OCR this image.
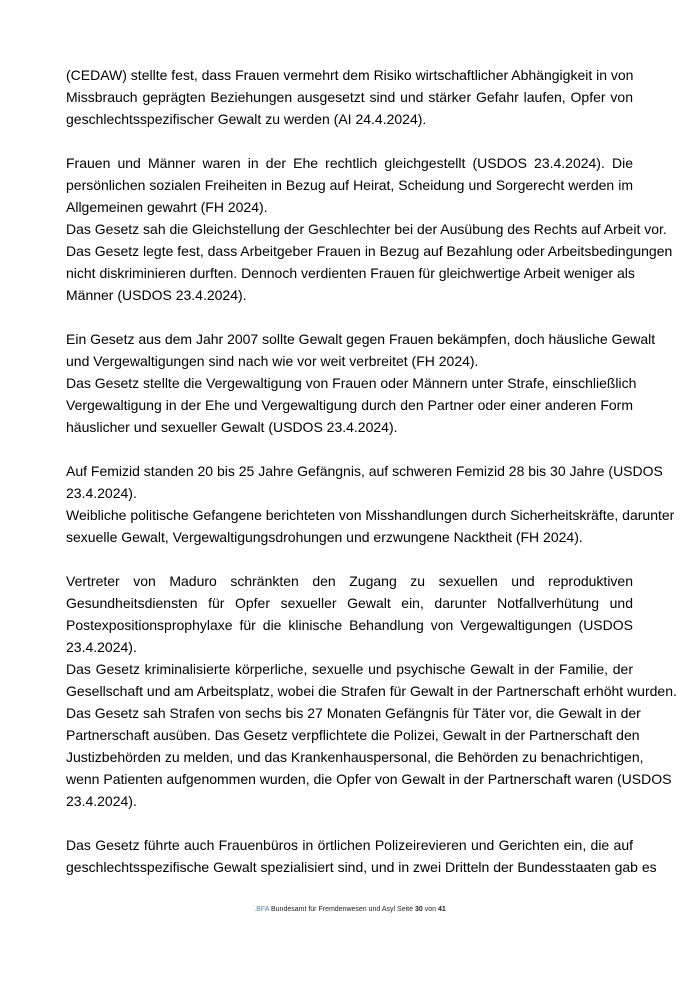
(CEDAW) stellte fest, dass Frauen vermehrt dem Risiko wirtschaftlicher Abhängigkeit in von
Missbrauch geprägten Beziehungen ausgesetzt sind und stärker Gefahr laufen, Opfer von
geschlechtsspezifischer Gewalt zu werden (AI 24.4.2024).
Frauen und Männer waren in der Ehe rechtlich gleichgestellt (USDOS 23.4.2024). Die
persönlichen sozialen Freiheiten in Bezug auf Heirat, Scheidung und Sorgerecht werden im
Allgemeinen gewahrt (FH 2024).
Das Gesetz sah die Gleichstellung der Geschlechter bei der Ausübung des Rechts auf Arbeit vor.
Das Gesetz legte fest, dass Arbeitgeber Frauen in Bezug auf Bezahlung oder Arbeitsbedingungen
nicht diskriminieren durften. Dennoch verdienten Frauen für gleichwertige Arbeit weniger als
Männer (USDOS 23.4.2024).
Ein Gesetz aus dem Jahr 2007 sollte Gewalt gegen Frauen bekämpfen, doch häusliche Gewalt
und Vergewaltigungen sind nach wie vor weit verbreitet (FH 2024).
Das Gesetz stellte die Vergewaltigung von Frauen oder Männern unter Strafe, einschließlich
Vergewaltigung in der Ehe und Vergewaltigung durch den Partner oder einer anderen Form
häuslicher und sexueller Gewalt (USDOS 23.4.2024).
Auf Femizid standen 20 bis 25 Jahre Gefängnis, auf schweren Femizid 28 bis 30 Jahre (USDOS
23.4.2024).
Weibliche politische Gefangene berichteten von Misshandlungen durch Sicherheitskräfte, darunter
sexuelle Gewalt, Vergewaltigungsdrohungen und erzwungene Nacktheit (FH 2024).
Vertreter von Maduro schränkten den Zugang zu sexuellen und reproduktiven
Gesundheitsdiensten für Opfer sexueller Gewalt ein, darunter Notfallverhütung und
Postexpositionsprophylaxe für die klinische Behandlung von Vergewaltigungen (USDOS
23.4.2024).
Das Gesetz kriminalisierte körperliche, sexuelle und psychische Gewalt in der Familie, der
Gesellschaft und am Arbeitsplatz, wobei die Strafen für Gewalt in der Partnerschaft erhöht wurden.
Das Gesetz sah Strafen von sechs bis 27 Monaten Gefängnis für Täter vor, die Gewalt in der
Partnerschaft ausüben. Das Gesetz verpflichtete die Polizei, Gewalt in der Partnerschaft den
Justizbehörden zu melden, und das Krankenhauspersonal, die Behörden zu benachrichtigen,
wenn Patienten aufgenommen wurden, die Opfer von Gewalt in der Partnerschaft waren (USDOS
23.4.2024).
Das Gesetz führte auch Frauenbüros in örtlichen Polizeirevieren und Gerichten ein, die auf
geschlechtsspezifische Gewalt spezialisiert sind, und in zwei Dritteln der Bundesstaaten gab es
.BFA Bundesamt für Fremdenwesen und Asyl Seite 30 von 41
